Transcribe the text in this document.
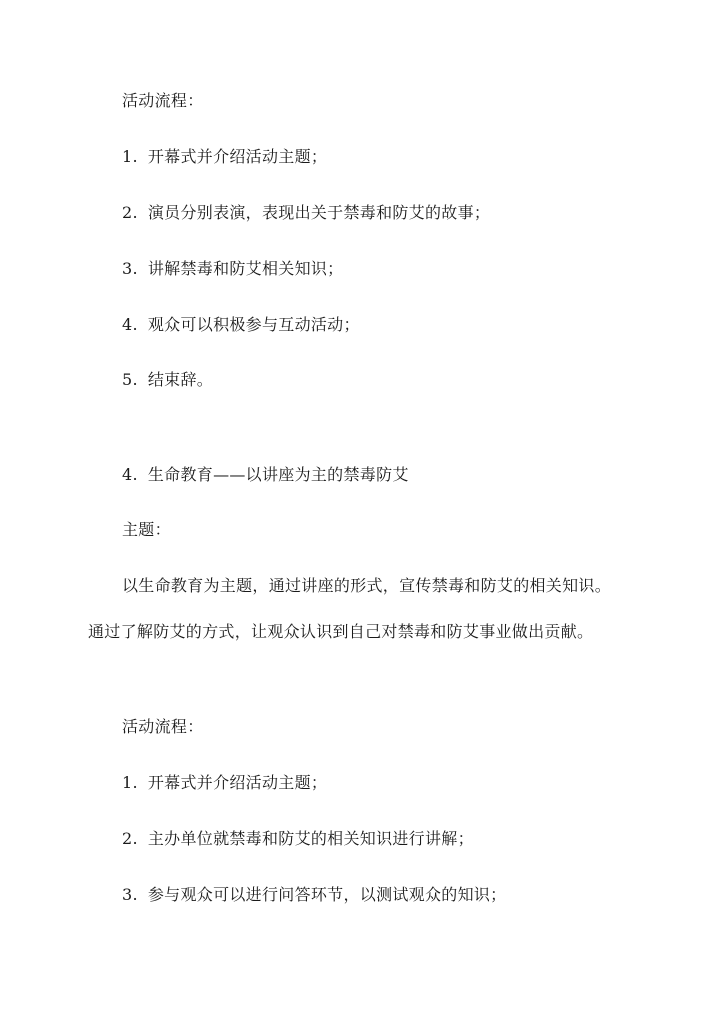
活动流程：
1. 开幕式并介绍活动主题；
2. 演员分别表演，表现出关于禁毒和防艾的故事；
3. 讲解禁毒和防艾相关知识；
4. 观众可以积极参与互动活动；
5. 结束辞。
4. 生命教育——以讲座为主的禁毒防艾
主题：
以生命教育为主题，通过讲座的形式，宣传禁毒和防艾的相关知识。
通过了解防艾的方式，让观众认识到自己对禁毒和防艾事业做出贡献。
活动流程：
1. 开幕式并介绍活动主题；
2. 主办单位就禁毒和防艾的相关知识进行讲解；
3. 参与观众可以进行问答环节，以测试观众的知识；
